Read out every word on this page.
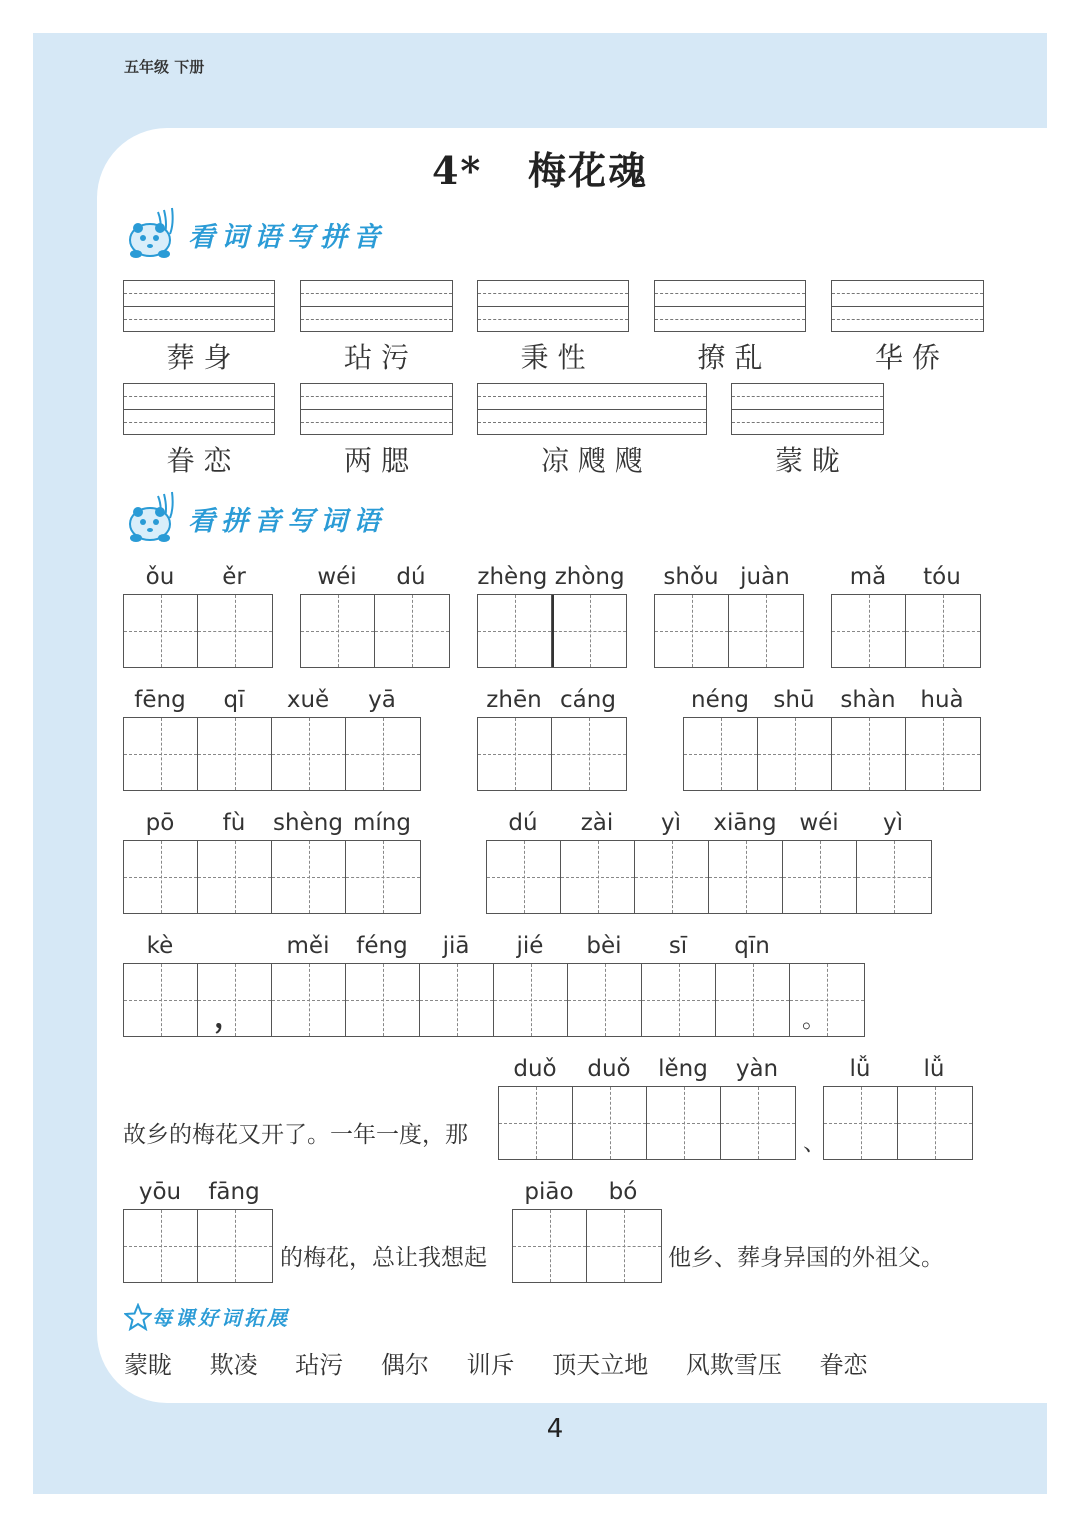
五年级 下册
4* 梅花魂
看词语写拼音
葬 身	玷 污	秉 性	撩 乱	华 侨
眷 恋	两 腮	凉 飕 飕	蒙 眬
看拼音写词语
ǒu	ěr	wéi	dú	zhèng zhòng	shǒu juàn	mǎ	tóu
fēng	qī	xuě	yā	zhēn cáng	néng	shū	shàn	huà
pō	fù	shèng míng	dú	zài	yì	xiāng wéi	yì
kè	měi	féng	jiā	jié	bèi	sī	qīn
，	。
duǒ	duǒ	lěng	yàn	lǚ	lǚ
故乡的梅花又开了。一年一度，那	、
yōu	fāng	piāo	bó
的梅花，总让我想起	他乡、葬身异国的外祖父。
每课好词拓展
蒙眬 欺凌 玷污 偶尔 训斥 顶天立地 风欺雪压 眷恋
4
